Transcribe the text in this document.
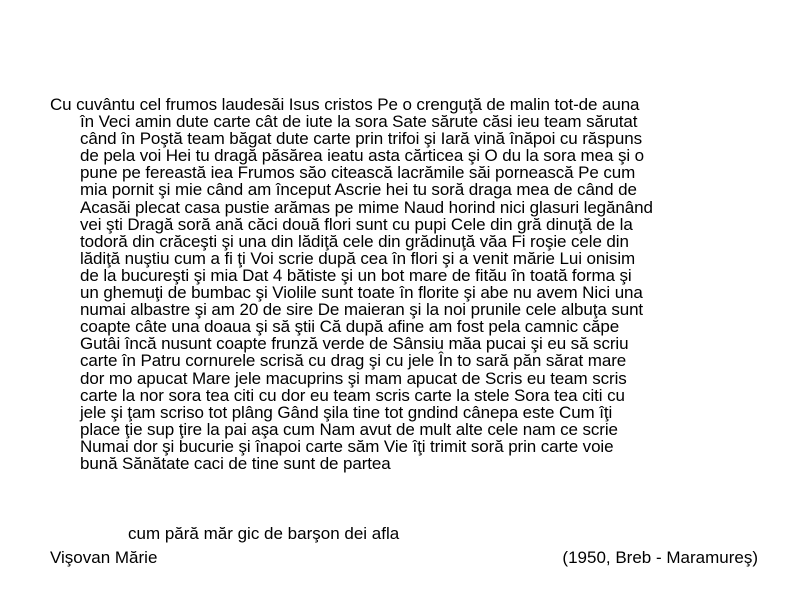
Cu cuvântu cel frumos laudesăi Isus cristos Pe o crenguţă de malin tot-de auna
în Veci amin dute carte cât de iute la sora Sate sărute căsi ieu team sărutat
când în Poştă team băgat dute carte prin trifoi şi Iară vină înăpoi cu răspuns
de pela voi Hei tu dragă păsărea ieatu asta cărticea şi O du la sora mea şi o
pune pe fereastă iea Frumos săo citească lacrămile săi pornească Pe cum
mia pornit şi mie când am început Ascrie hei tu soră draga mea de când de
Acasăi plecat casa pustie arămas pe mime Naud horind nici glasuri legănând
vei şti Dragă soră ană căci două flori sunt cu pupi Cele din gră dinuţă de la
todoră din crăceşti şi una din lădiţă cele din grădinuţă văa Fi roşie cele din
lădiţă nuştiu cum a fi ţi Voi scrie după cea în flori şi a venit mărie Lui onisim
de la bucureşti şi mia Dat 4 bătiste şi un bot mare de fitău în toată forma şi
un ghemuţi de bumbac şi Violile sunt toate în florite şi abe nu avem Nici una
numai albastre şi am 20 de sire De maieran şi la noi prunile cele albuţa sunt
coapte câte una doaua şi să ştii Că după afine am fost pela camnic căpe
Gutâi încă nusunt coapte frunză verde de Sânsiu măa pucai şi eu să scriu
carte în Patru cornurele scrisă cu drag şi cu jele În to sară păn sărat mare
dor mo apucat Mare jele macuprins şi mam apucat de Scris eu team scris
carte la nor sora tea citi cu dor eu team scris carte la stele Sora tea citi cu
jele şi ţam scriso tot plâng Gând şila tine tot gndind cânepa este Cum îţi
place ţie sup ţire la pai aşa cum Nam avut de mult alte cele nam ce scrie
Numai dor şi bucurie şi înapoi carte săm Vie îţi trimit soră prin carte voie
bună Sănătate caci de tine sunt de partea
cum pără măr gic de barşon dei afla
Vişovan Mărie	(1950, Breb - Maramureş)
